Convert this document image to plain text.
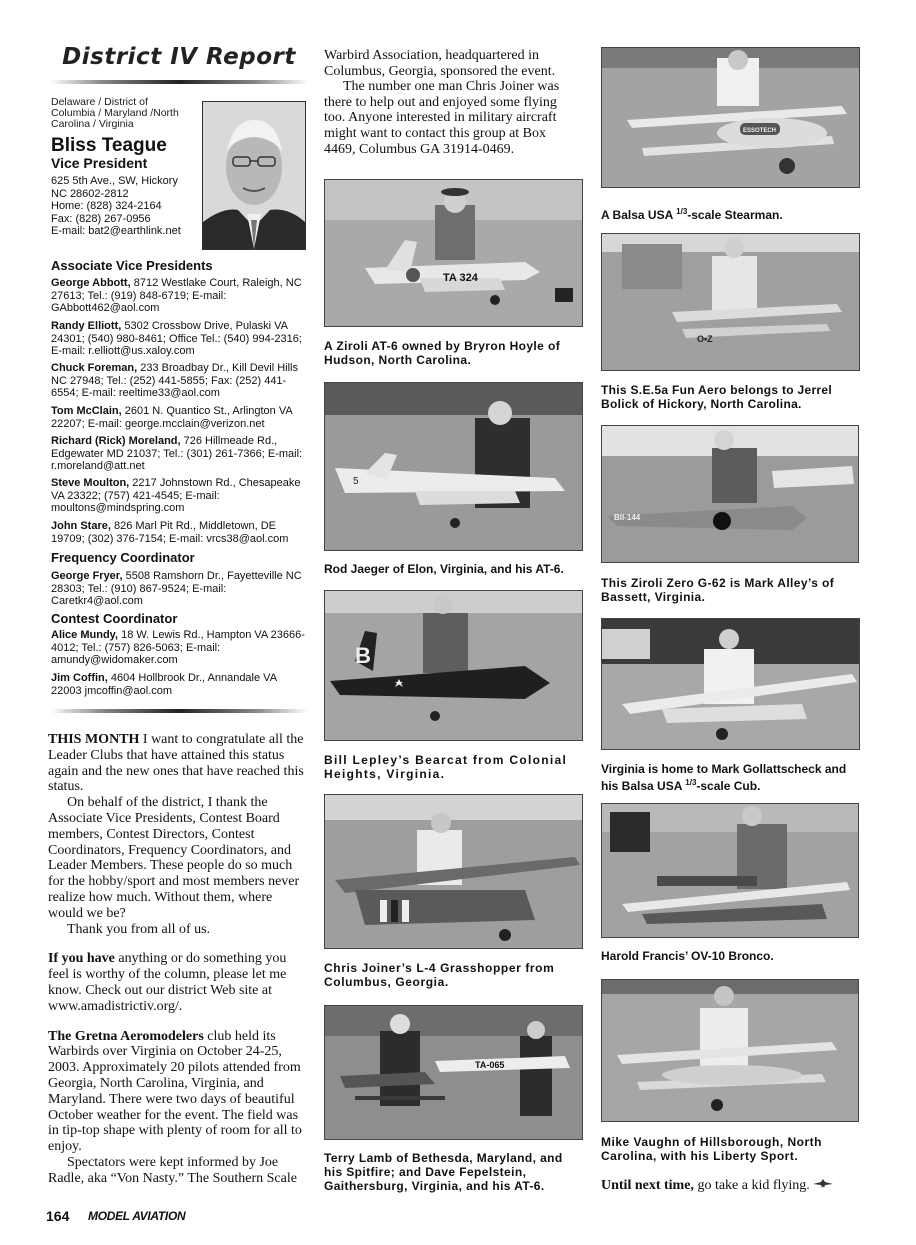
District IV Report
Delaware / District of
Columbia / Maryland /North
Carolina / Virginia
Bliss Teague
Vice President
625 5th Ave., SW, Hickory
NC 28602-2812
Home: (828) 324-2164
Fax: (828) 267-0956
E-mail: bat2@earthlink.net
Associate Vice Presidents
George Abbott, 8712 Westlake Court, Raleigh, NC 27613; Tel.: (919) 848-6719; E-mail: GAbbott462@aol.com
Randy Elliott, 5302 Crossbow Drive, Pulaski VA 24301; (540) 980-8461; Office Tel.: (540) 994-2316; E-mail: r.elliott@us.xaloy.com
Chuck Foreman, 233 Broadbay Dr., Kill Devil Hills NC 27948; Tel.: (252) 441-5855; Fax: (252) 441-6554; E-mail: reeltime33@aol.com
Tom McClain, 2601 N. Quantico St., Arlington VA 22207; E-mail: george.mcclain@verizon.net
Richard (Rick) Moreland, 726 Hillmeade Rd., Edgewater MD 21037; Tel.: (301) 261-7366; E-mail: r.moreland@att.net
Steve Moulton, 2217 Johnstown Rd., Chesapeake VA 23322; (757) 421-4545; E-mail: moultons@mindspring.com
John Stare, 826 Marl Pit Rd., Middletown, DE 19709; (302) 376-7154; E-mail: vrcs38@aol.com
Frequency Coordinator
George Fryer, 5508 Ramshorn Dr., Fayetteville NC 28303; Tel.: (910) 867-9524; E-mail: Caretkr4@aol.com
Contest Coordinator
Alice Mundy, 18 W. Lewis Rd., Hampton VA 23666-4012; Tel.: (757) 826-5063; E-mail: amundy@widomaker.com
Jim Coffin, 4604 Hollbrook Dr., Annandale VA 22003 jmcoffin@aol.com

THIS MONTH I want to congratulate all the Leader Clubs that have attained this status again and the new ones that have reached this status.

On behalf of the district, I thank the Associate Vice Presidents, Contest Board members, Contest Directors, Contest Coordinators, Frequency Coordinators, and Leader Members. These people do so much for the hobby/sport and most members never realize how much. Without them, where would we be?

Thank you from all of us.

If you have anything or do something you feel is worthy of the column, please let me know. Check out our district Web site at www.amadistrictiv.org/.

The Gretna Aeromodelers club held its Warbirds over Virginia on October 24-25, 2003. Approximately 20 pilots attended from Georgia, North Carolina, Virginia, and Maryland. There were two days of beautiful October weather for the event. The field was in tip-top shape with plenty of room for all to enjoy.

Spectators were kept informed by Joe Radle, aka “Von Nasty.” The Southern Scale

Warbird Association, headquartered in Columbus, Georgia, sponsored the event.

The number one man Chris Joiner was there to help out and enjoyed some flying too. Anyone interested in military aircraft might want to contact this group at Box 4469, Columbus GA 31914-0469.

TA 324
A Ziroli AT-6 owned by Bryron Hoyle of Hudson, North Carolina.
5
Rod Jaeger of Elon, Virginia, and his AT-6.
B
Bill Lepley’s Bearcat from Colonial Heights, Virginia.
Chris Joiner’s L-4 Grasshopper from Columbus, Georgia.
TA-065
Terry Lamb of Bethesda, Maryland, and his Spitfire; and Dave Fepelstein, Gaithersburg, Virginia, and his AT-6.
ESSOTECH
A Balsa USA $^{1/3}$-scale Stearman.
O•Z
This S.E.5a Fun Aero belongs to Jerrel Bolick of Hickory, North Carolina.
BII-144
This Ziroli Zero G-62 is Mark Alley’s of Bassett, Virginia.
Virginia is home to Mark Gollattscheck and his Balsa USA $^{1/3}$-scale Cub.
Harold Francis’ OV-10 Bronco.
Mike Vaughn of Hillsborough, North Carolina, with his Liberty Sport.
Until next time, go take a kid flying.
164 MODEL AVIATION
